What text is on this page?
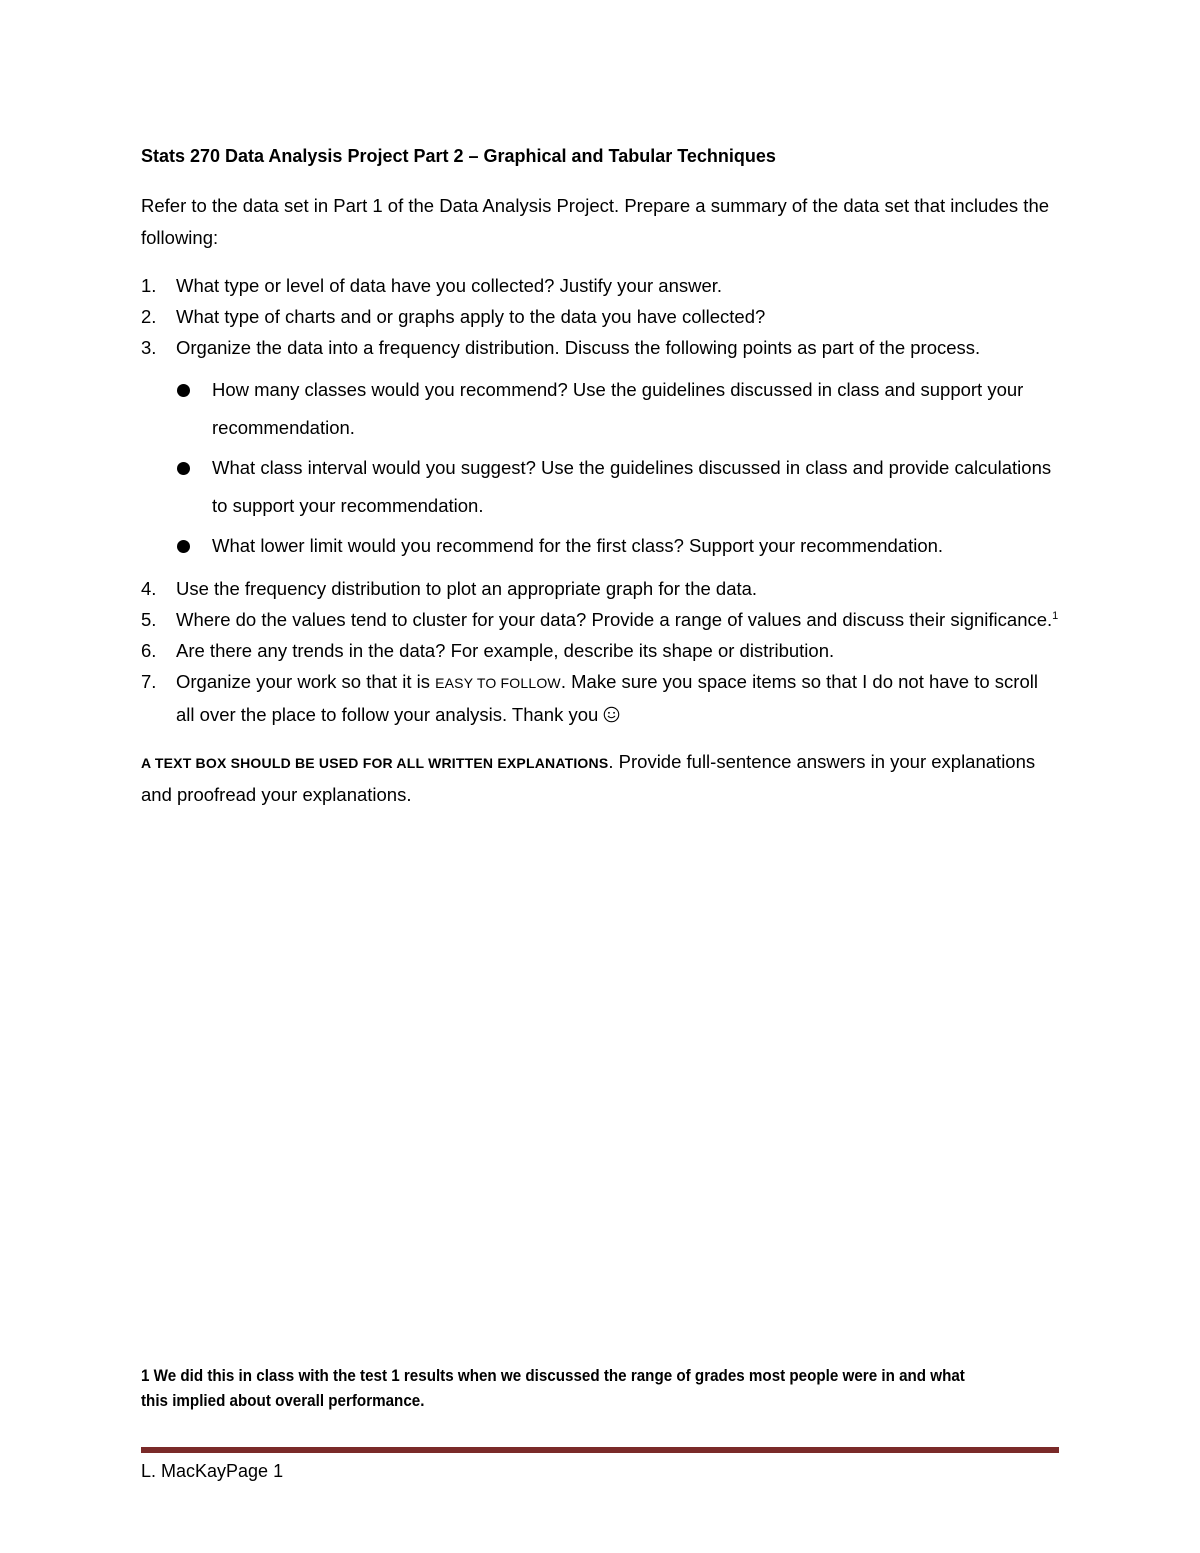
Stats 270 Data Analysis Project Part 2 – Graphical and Tabular Techniques

Refer to the data set in Part 1 of the Data Analysis Project. Prepare a summary of the data set that includes the following:

1. What type or level of data have you collected? Justify your answer.
2. What type of charts and or graphs apply to the data you have collected?
3. Organize the data into a frequency distribution. Discuss the following points as part of the process.
How many classes would you recommend? Use the guidelines discussed in class and support your recommendation.
What class interval would you suggest? Use the guidelines discussed in class and provide calculations to support your recommendation.
What lower limit would you recommend for the first class? Support your recommendation.
4. Use the frequency distribution to plot an appropriate graph for the data.
5. Where do the values tend to cluster for your data? Provide a range of values and discuss their significance.$^1$
6. Are there any trends in the data? For example, describe its shape or distribution.
7. Organize your work so that it is EASY TO FOLLOW. Make sure you space items so that I do not have to scroll all over the place to follow your analysis. Thank you

A TEXT BOX SHOULD BE USED FOR ALL WRITTEN EXPLANATIONS. Provide full-sentence answers in your explanations and proofread your explanations.

1 We did this in class with the test 1 results when we discussed the range of grades most people were in and what this implied about overall performance.
L. MacKayPage 1
